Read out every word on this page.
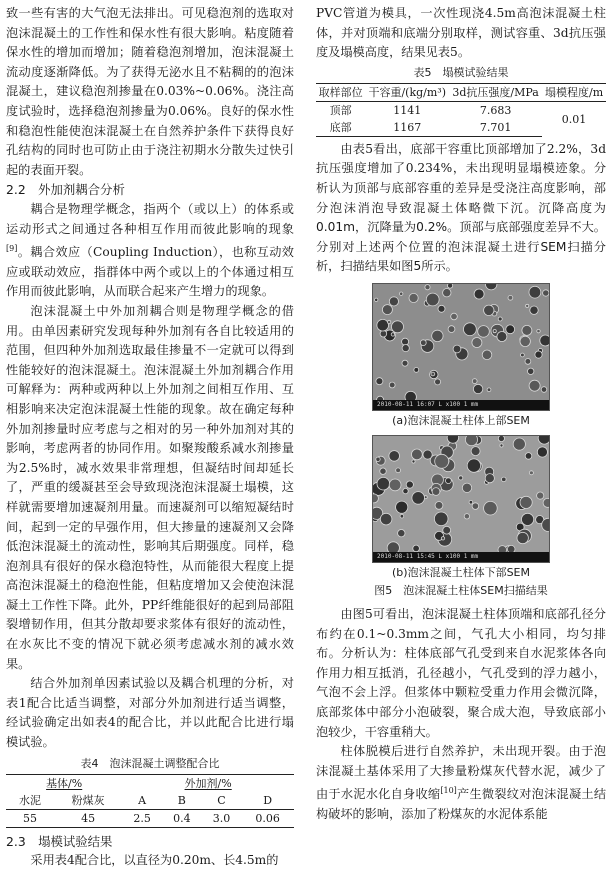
致一些有害的大气泡无法排出。可见稳泡剂的选取对泡沫混凝土的工作性和保水性有很大影响。粘度随着保水性的增加而增加；随着稳泡剂增加，泡沫混凝土流动度逐渐降低。为了获得无泌水且不粘稠的的泡沫混凝土，建议稳泡剂掺量在0.03%~0.06%。浇注高度试验时，选择稳泡剂掺量为0.06%。良好的保水性和稳泡性能使泡沫混凝土在自然养护条件下获得良好孔结构的同时也可防止由于浇注初期水分散失过快引起的表面开裂。

2.2　外加剂耦合分析

耦合是物理学概念，指两个（或以上）的体系或运动形式之间通过各种相互作用而彼此影响的现象[9]。耦合效应（Coupling Induction），也称互动效应或联动效应，指群体中两个或以上的个体通过相互作用而彼此影响，从而联合起来产生增力的现象。

泡沫混凝土中外加剂耦合则是物理学概念的借用。由单因素研究发现每种外加剂有各自比较适用的范围，但四种外加剂选取最佳掺量不一定就可以得到性能较好的泡沫混凝土。泡沫混凝土外加剂耦合作用可解释为：两种或两种以上外加剂之间相互作用、互相影响来决定泡沫混凝土性能的现象。故在确定每种外加剂掺量时应考虑与之相对的另一种外加剂对其的影响，考虑两者的协同作用。如聚羧酸系减水剂掺量为2.5%时，减水效果非常理想，但凝结时间却延长了，严重的缓凝甚至会导致现浇泡沫混凝土塌模，这样就需要增加速凝剂用量。而速凝剂可以缩短凝结时间，起到一定的早强作用，但大掺量的速凝剂又会降低泡沫混凝土的流动性，影响其后期强度。同样，稳泡剂具有很好的保水稳泡特性，从而能很大程度上提高泡沫混凝土的稳泡性能，但粘度增加又会使泡沫混凝土工作性下降。此外，PP纤维能很好的起到局部阻裂增韧作用，但其分散却要求浆体有很好的流动性，在水灰比不变的情况下就必须考虑减水剂的减水效果。

结合外加剂单因素试验以及耦合机理的分析，对表1配合比适当调整，对部分外加剂进行适当调整，经试验确定出如表4的配合比，并以此配合比进行塌模试验。

表4　泡沫混凝土调整配合比

基体/%		外加剂/%			
水泥	粉煤灰	A	B	C	D
55	45	2.5	0.4	3.0	0.06

2.3　塌模试验结果

采用表4配合比，以直径为0.20m、长4.5m的

PVC管道为模具，一次性现浇4.5m高泡沫混凝土柱体，并对顶端和底端分别取样，测试容重、3d抗压强度及塌模高度，结果见表5。

表5　塌模试验结果

取样部位	干容重/(kg/m³)	3d抗压强度/MPa	塌模程度/m
顶部	1141	7.683	0.01
底部	1167	7.701	

由表5看出，底部干容重比顶部增加了2.2%，3d抗压强度增加了0.234%，未出现明显塌模迹象。分析认为顶部与底部容重的差异是受浇注高度影响，部分泡沫消泡导致混凝土体略微下沉。沉降高度为0.01m，沉降量为0.2%。顶部与底部强度差异不大。分别对上述两个位置的泡沫混凝土进行SEM扫描分析，扫描结果如图5所示。

2010-08-11 16:07 L x100 1 mm

(a)泡沫混凝土柱体上部SEM

2010-08-11 15:45 L x100 1 mm

(b)泡沫混凝土柱体下部SEM

图5　泡沫混凝土柱体SEM扫描结果

由图5可看出，泡沫混凝土柱体顶端和底部孔径分布约在0.1~0.3mm之间，气孔大小相同，均匀排布。分析认为：柱体底部气孔受到来自水泥浆体各向作用力相互抵消，孔径越小，气孔受到的浮力越小，气泡不会上浮。但浆体中颗粒受重力作用会微沉降，底部浆体中部分小泡破裂，聚合成大泡，导致底部小泡较少，干容重稍大。

柱体脱模后进行自然养护，未出现开裂。由于泡沫混凝土基体采用了大掺量粉煤灰代替水泥，减少了由于水泥水化自身收缩[10]产生微裂纹对泡沫混凝土结构破坏的影响，添加了粉煤灰的水泥体系能
